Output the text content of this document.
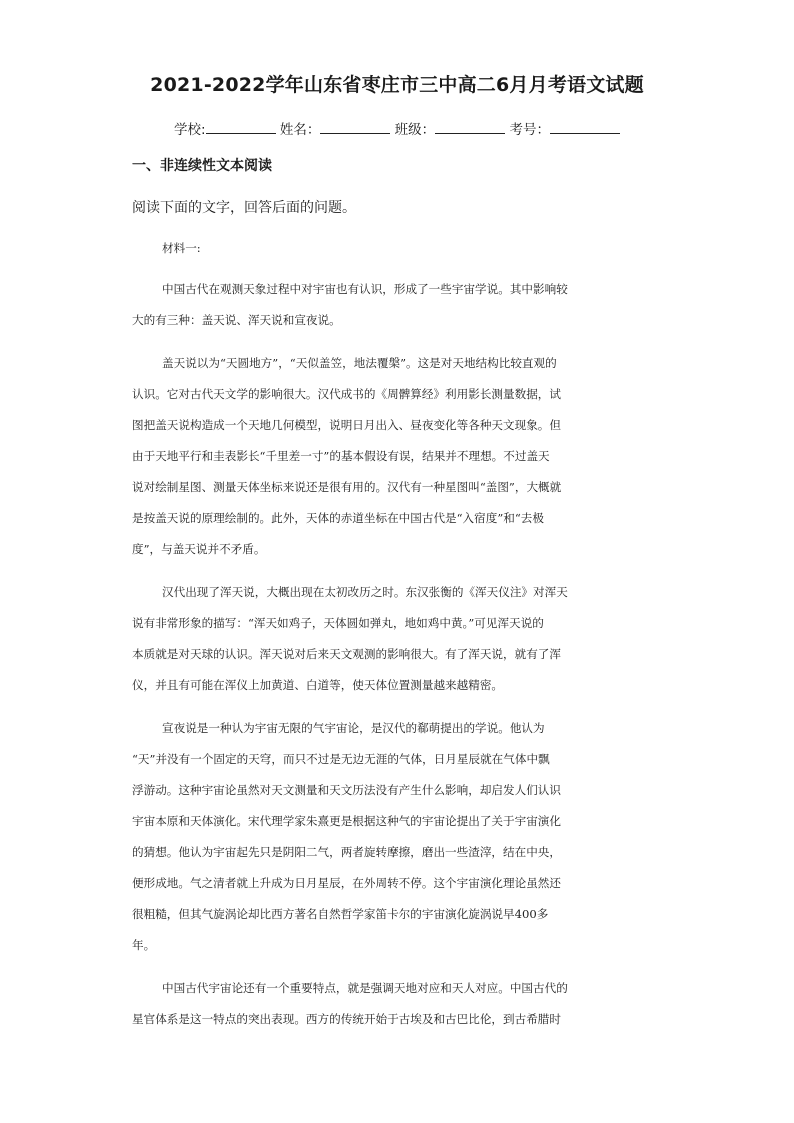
2021-2022学年山东省枣庄市三中高二6月月考语文试题
学校:	姓名：	班级：	考号：
一、非连续性文本阅读
阅读下面的文字，回答后面的问题。

材料一:

中国古代在观测天象过程中对宇宙也有认识，形成了一些宇宙学说。其中影响较
大的有三种：盖天说、浑天说和宣夜说。

盖天说以为“天圆地方”，“天似盖笠，地法覆槃”。这是对天地结构比较直观的
认识。它对古代天文学的影响很大。汉代成书的《周髀算经》利用影长测量数据，试
图把盖天说构造成一个天地几何模型，说明日月出入、昼夜变化等各种天文现象。但
由于天地平行和圭表影长“千里差一寸”的基本假设有误，结果并不理想。不过盖天
说对绘制星图、测量天体坐标来说还是很有用的。汉代有一种星图叫“盖图”，大概就
是按盖天说的原理绘制的。此外，天体的赤道坐标在中国古代是“入宿度”和“去极
度”，与盖天说并不矛盾。

汉代出现了浑天说，大概出现在太初改历之时。东汉张衡的《浑天仪注》对浑天
说有非常形象的描写：“浑天如鸡子，天体圆如弹丸，地如鸡中黄。”可见浑天说的
本质就是对天球的认识。浑天说对后来天文观测的影响很大。有了浑天说，就有了浑
仪，并且有可能在浑仪上加黄道、白道等，使天体位置测量越来越精密。

宣夜说是一种认为宇宙无限的气宇宙论，是汉代的郗萌提出的学说。他认为
“天”并没有一个固定的天穹，而只不过是无边无涯的气体，日月星辰就在气体中飘
浮游动。这种宇宙论虽然对天文测量和天文历法没有产生什么影响，却启发人们认识
宇宙本原和天体演化。宋代理学家朱熹更是根据这种气的宇宙论提出了关于宇宙演化
的猜想。他认为宇宙起先只是阴阳二气，两者旋转摩擦，磨出一些渣滓，结在中央，
便形成地。气之清者就上升成为日月星辰，在外周转不停。这个宇宙演化理论虽然还
很粗糙，但其气旋涡论却比西方著名自然哲学家笛卡尔的宇宙演化旋涡说早400多
年。

中国古代宇宙论还有一个重要特点，就是强调天地对应和天人对应。中国古代的
星官体系是这一特点的突出表现。西方的传统开始于古埃及和古巴比伦，到古希腊时
